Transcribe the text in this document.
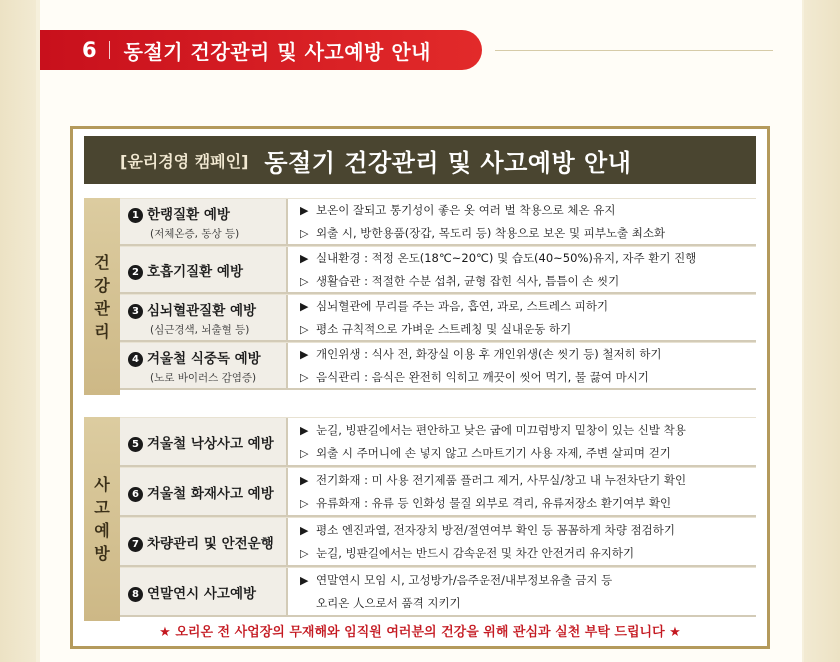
6 동절기 건강관리 및 사고예방 안내
[윤리경영 캠페인] 동절기 건강관리 및 사고예방 안내
건
강
관
리
1 한랭질환 예방
(저체온증, 동상 등)
▶ 보온이 잘되고 통기성이 좋은 옷 여러 벌 착용으로 체온 유지
▷ 외출 시, 방한용품(장갑, 목도리 등) 착용으로 보온 및 피부노출 최소화
2 호흡기질환 예방
▶ 실내환경 : 적정 온도(18℃~20℃) 및 습도(40~50%)유지, 자주 환기 진행
▷ 생활습관 : 적절한 수분 섭취, 균형 잡힌 식사, 틈틈이 손 씻기
3 심뇌혈관질환 예방
(심근경색, 뇌출혈 등)
▶ 심뇌혈관에 무리를 주는 과음, 흡연, 과로, 스트레스 피하기
▷ 평소 규칙적으로 가벼운 스트레칭 및 실내운동 하기
4 겨울철 식중독 예방
(노로 바이러스 감염증)
▶ 개인위생 : 식사 전, 화장실 이용 후 개인위생(손 씻기 등) 철저히 하기
▷ 음식관리 : 음식은 완전히 익히고 깨끗이 씻어 먹기, 물 끓여 마시기
사
고
예
방
5 겨울철 낙상사고 예방
▶ 눈길, 빙판길에서는 편안하고 낮은 굽에 미끄럼방지 밑창이 있는 신발 착용
▷ 외출 시 주머니에 손 넣지 않고 스마트기기 사용 자제, 주변 살피며 걷기
6 겨울철 화재사고 예방
▶ 전기화재 : 미 사용 전기제품 플러그 제거, 사무실/창고 내 누전차단기 확인
▷ 유류화재 : 유류 등 인화성 물질 외부로 격리, 유류저장소 환기여부 확인
7 차량관리 및 안전운행
▶ 평소 엔진과열, 전자장치 방전/절연여부 확인 등 꼼꼼하게 차량 점검하기
▷ 눈길, 빙판길에서는 반드시 감속운전 및 차간 안전거리 유지하기
8 연말연시 사고예방
▶ 연말연시 모임 시, 고성방가/음주운전/내부정보유출 금지 등
오리온 人으로서 품격 지키기
★ 오리온 전 사업장의 무재해와 임직원 여러분의 건강을 위해 관심과 실천 부탁 드립니다 ★
